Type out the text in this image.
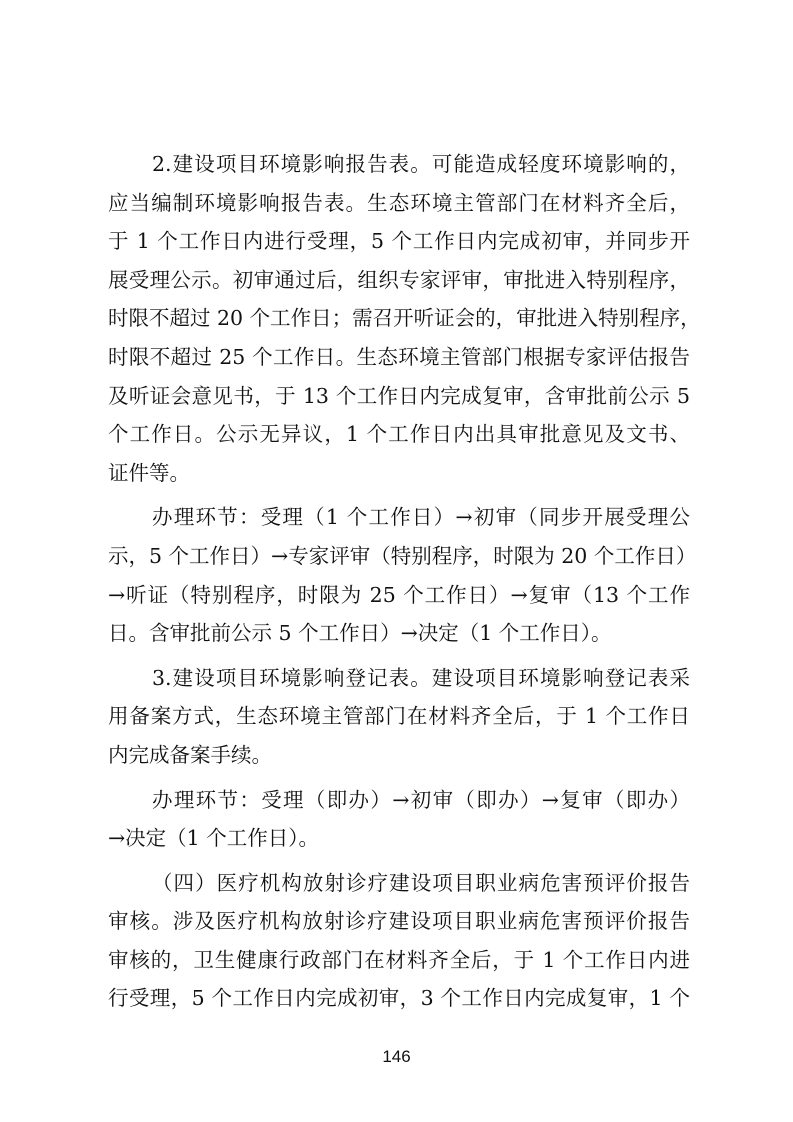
2.建设项目环境影响报告表。可能造成轻度环境影响的，
应当编制环境影响报告表。生态环境主管部门在材料齐全后，
于 1 个工作日内进行受理，5 个工作日内完成初审，并同步开
展受理公示。初审通过后，组织专家评审，审批进入特别程序，
时限不超过 20 个工作日；需召开听证会的，审批进入特别程序，
时限不超过 25 个工作日。生态环境主管部门根据专家评估报告
及听证会意见书，于 13 个工作日内完成复审，含审批前公示 5
个工作日。公示无异议，1 个工作日内出具审批意见及文书、
证件等。
办理环节：受理（1 个工作日）→初审（同步开展受理公
示，5 个工作日）→专家评审（特别程序，时限为 20 个工作日）
→听证（特别程序，时限为 25 个工作日）→复审（13 个工作
日。含审批前公示 5 个工作日）→决定（1 个工作日）。
3.建设项目环境影响登记表。建设项目环境影响登记表采
用备案方式，生态环境主管部门在材料齐全后，于 1 个工作日
内完成备案手续。
办理环节：受理（即办）→初审（即办）→复审（即办）
→决定（1 个工作日）。
（四）医疗机构放射诊疗建设项目职业病危害预评价报告
审核。涉及医疗机构放射诊疗建设项目职业病危害预评价报告
审核的，卫生健康行政部门在材料齐全后，于 1 个工作日内进
行受理，5 个工作日内完成初审，3 个工作日内完成复审，1 个
146
